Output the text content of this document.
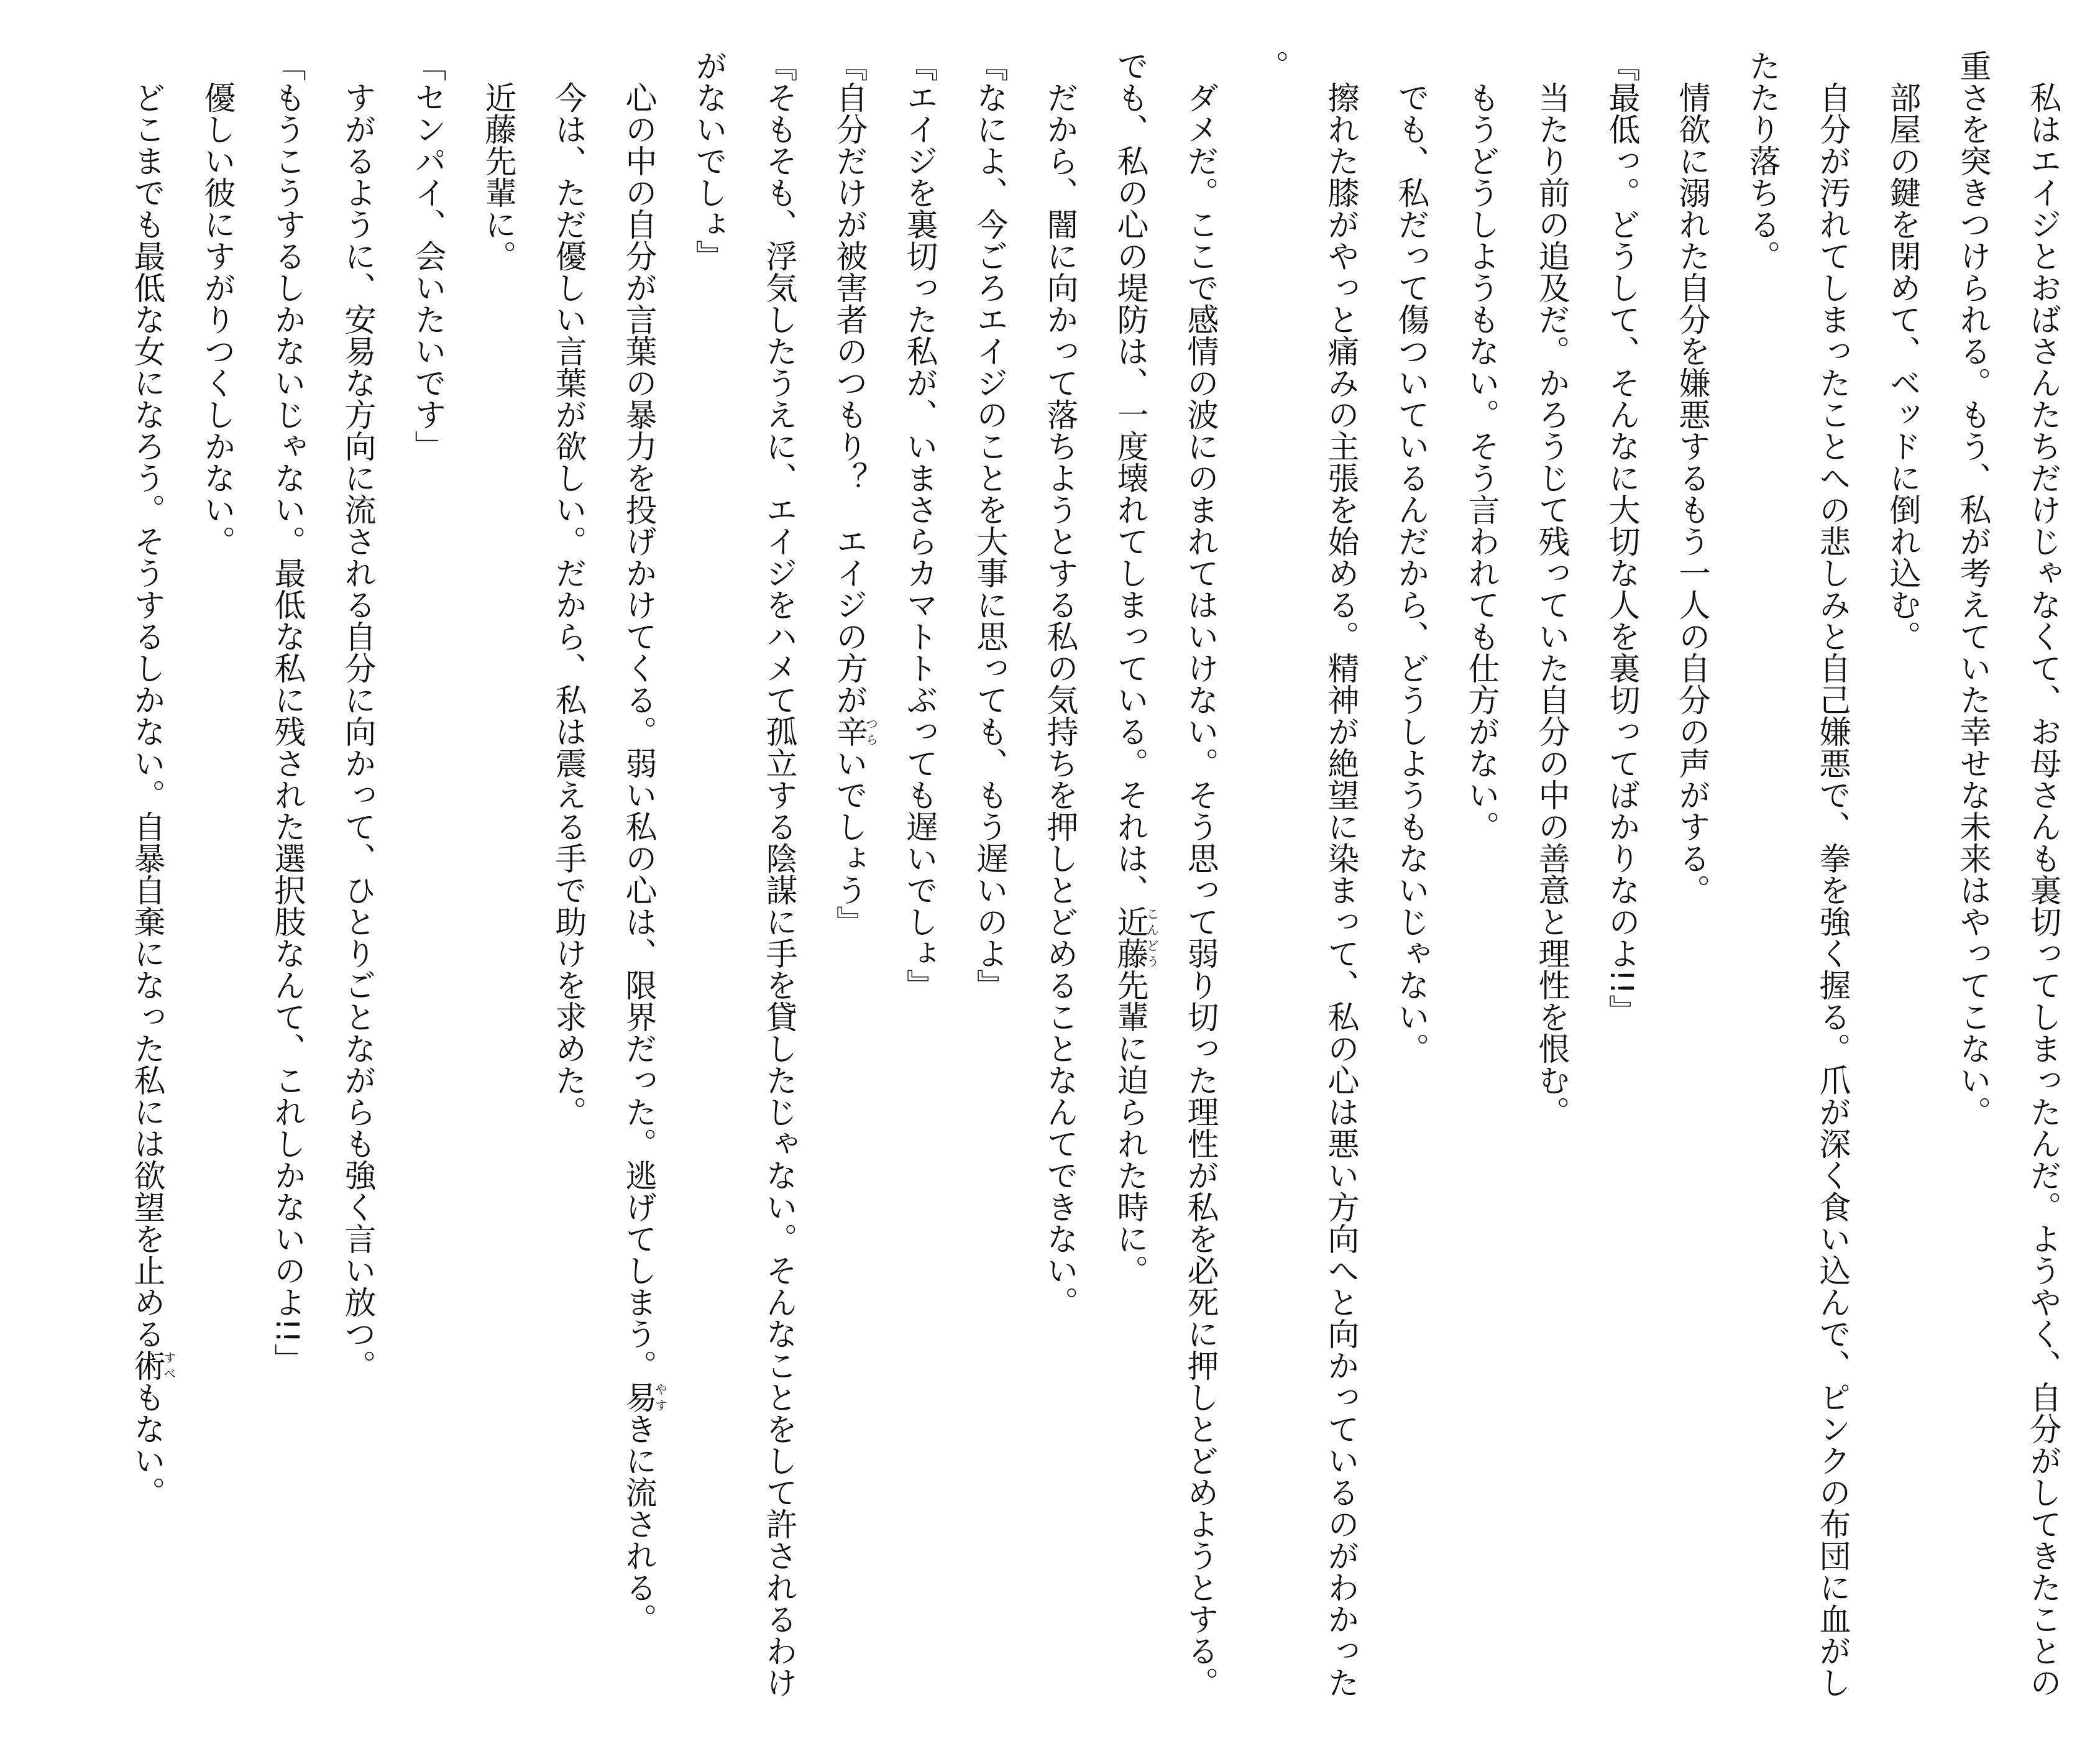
　私はエイジとおばさんたちだけじゃなくて、お母さんも裏切ってしまったんだ。ようやく、自分がしてきたことの重さを突きつけられる。もう、私が考えていた幸せな未来はやってこない。

　部屋の鍵を閉めて、ベッドに倒れ込む。

　自分が汚れてしまったことへの悲しみと自己嫌悪で、拳を強く握る。爪が深く食い込んで、ピンクの布団に血がしたたり落ちる。

　情欲に溺れた自分を嫌悪するもう一人の自分の声がする。

『最低っ。どうして、そんなに大切な人を裏切ってばかりなのよ!!』

　当たり前の追及だ。かろうじて残っていた自分の中の善意と理性を恨む。

　もうどうしようもない。そう言われても仕方がない。

　でも、私だって傷ついているんだから、どうしようもないじゃない。

　擦れた膝がやっと痛みの主張を始める。精神が絶望に染まって、私の心は悪い方向へと向かっているのがわかった。

　ダメだ。ここで感情の波にのまれてはいけない。そう思って弱り切った理性が私を必死に押しとどめようとする。でも、私の心の堤防は、一度壊れてしまっている。それは、近藤こんどう先輩に迫られた時に。

　だから、闇に向かって落ちようとする私の気持ちを押しとどめることなんてできない。

『なによ、今ごろエイジのことを大事に思っても、もう遅いのよ』

『エイジを裏切った私が、いまさらカマトトぶっても遅いでしょ』

『自分だけが被害者のつもり？　エイジの方が辛つらいでしょう』

『そもそも、浮気したうえに、エイジをハメて孤立する陰謀に手を貸したじゃない。そんなことをして許されるわけがないでしょ』

　心の中の自分が言葉の暴力を投げかけてくる。弱い私の心は、限界だった。逃げてしまう。易やすきに流される。

　今は、ただ優しい言葉が欲しい。だから、私は震える手で助けを求めた。

　近藤先輩に。

「センパイ、会いたいです」

　すがるように、安易な方向に流される自分に向かって、ひとりごとながらも強く言い放つ。

「もうこうするしかないじゃない。最低な私に残された選択肢なんて、これしかないのよ!!」

　優しい彼にすがりつくしかない。

　どこまでも最低な女になろう。そうするしかない。自暴自棄になった私には欲望を止める術すべもない。
